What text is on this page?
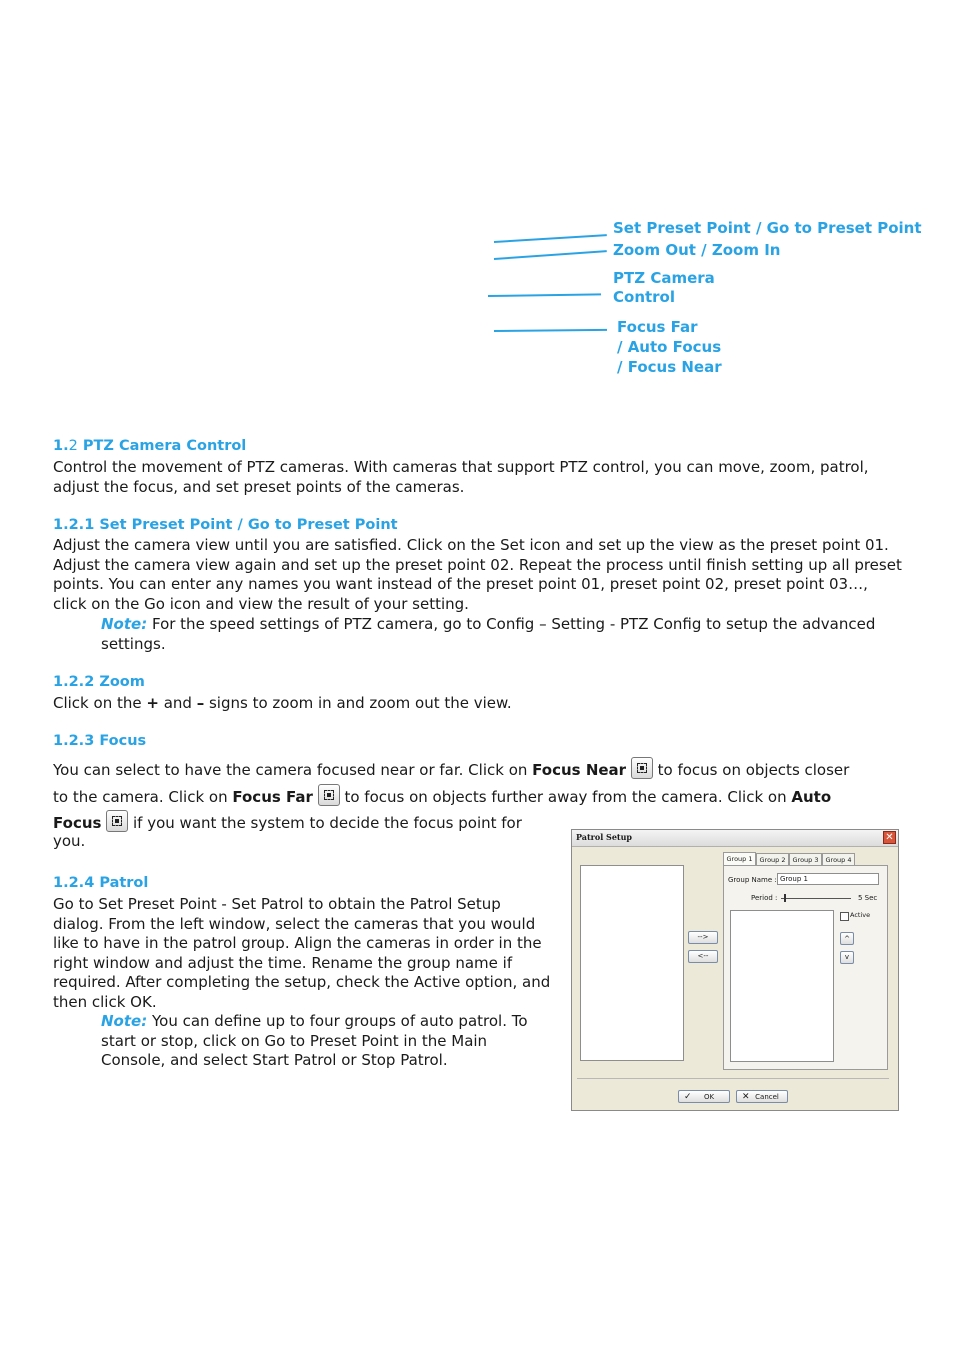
Set Preset Point / Go to Preset Point
Zoom Out / Zoom In
PTZ Camera
Control
Focus Far
/ Auto Focus
/ Focus Near
1.2 PTZ Camera Control
Control the movement of PTZ cameras. With cameras that support PTZ control, you can move, zoom, patrol, adjust the focus, and set preset points of the cameras.
1.2.1 Set Preset Point / Go to Preset Point
Adjust the camera view until you are satisfied. Click on the Set icon and set up the view as the preset point 01. Adjust the camera view again and set up the preset point 02. Repeat the process until finish setting up all preset points. You can enter any names you want instead of the preset point 01, preset point 02, preset point 03…, click on the Go icon and view the result of your setting.
Note: For the speed settings of PTZ camera, go to Config – Setting - PTZ Config to setup the advanced settings.
1.2.2 Zoom
Click on the + and – signs to zoom in and zoom out the view.
1.2.3 Focus
You can select to have the camera focused near or far. Click on Focus Near  to focus on objects closer
to the camera. Click on Focus Far  to focus on objects further away from the camera. Click on Auto
Focus  if you want the system to decide the focus point for
you.
1.2.4 Patrol
Go to Set Preset Point - Set Patrol to obtain the Patrol Setup dialog. From the left window, select the cameras that you would like to have in the patrol group. Align the cameras in order in the right window and adjust the time. Rename the group name if required. After completing the setup, check the Active option, and then click OK.
Note: You can define up to four groups of auto patrol. To start or stop, click on Go to Preset Point in the Main Console, and select Start Patrol or Stop Patrol.
Patrol Setup	✕
-->
<--
Group 1	Group 2	Group 3	Group 4
Group Name : Group 1
Period :	5 Sec
Active
^
v
✓ OK	✕ Cancel
